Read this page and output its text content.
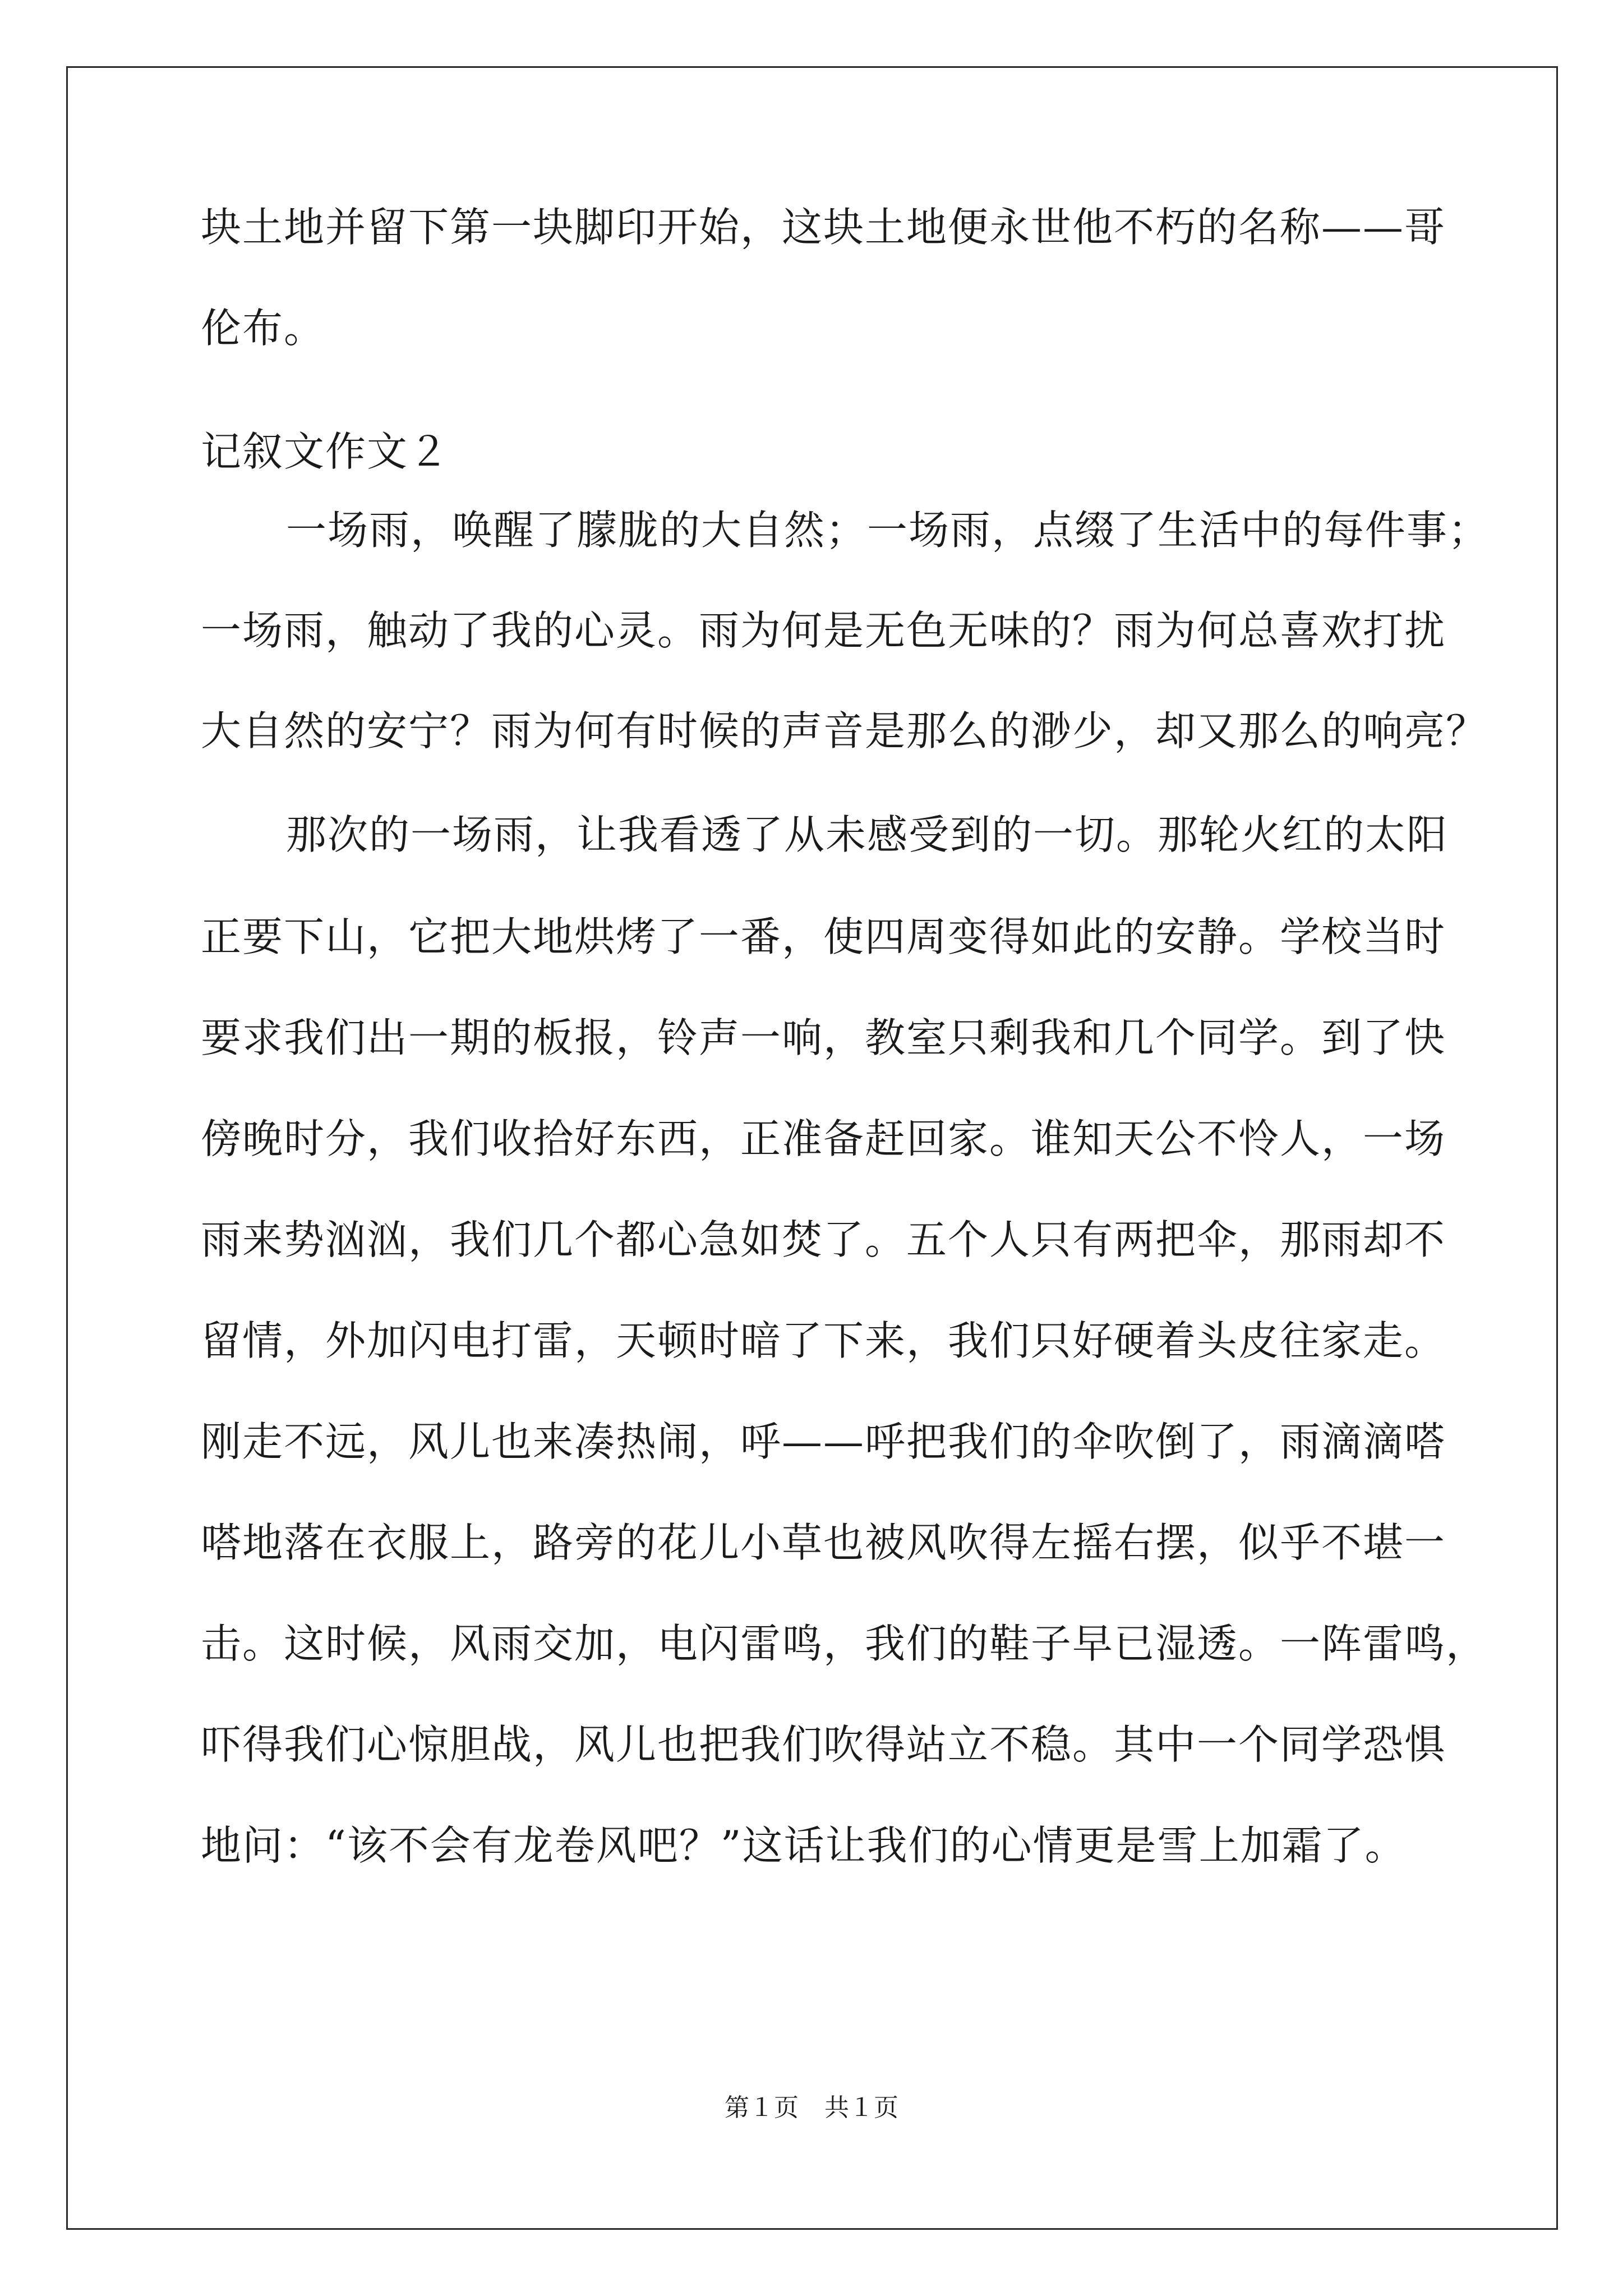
块土地并留下第一块脚印开始，这块土地便永世他不朽的名称——哥
伦布。
记叙文作文２
一场雨，唤醒了朦胧的大自然；一场雨，点缀了生活中的每件事；
一场雨，触动了我的心灵。雨为何是无色无味的？雨为何总喜欢打扰
大自然的安宁？雨为何有时候的声音是那么的渺少，却又那么的响亮？
那次的一场雨，让我看透了从未感受到的一切。那轮火红的太阳
正要下山，它把大地烘烤了一番，使四周变得如此的安静。学校当时
要求我们出一期的板报，铃声一响，教室只剩我和几个同学。到了快
傍晚时分，我们收拾好东西，正准备赶回家。谁知天公不怜人，一场
雨来势汹汹，我们几个都心急如焚了。五个人只有两把伞，那雨却不
留情，外加闪电打雷，天顿时暗了下来，我们只好硬着头皮往家走。
刚走不远，风儿也来凑热闹，呼——呼把我们的伞吹倒了，雨滴滴嗒
嗒地落在衣服上，路旁的花儿小草也被风吹得左摇右摆，似乎不堪一
击。这时候，风雨交加，电闪雷鸣，我们的鞋子早已湿透。一阵雷鸣，
吓得我们心惊胆战，风儿也把我们吹得站立不稳。其中一个同学恐惧
地问：“该不会有龙卷风吧？”这话让我们的心情更是雪上加霜了。
第１页 共１页
